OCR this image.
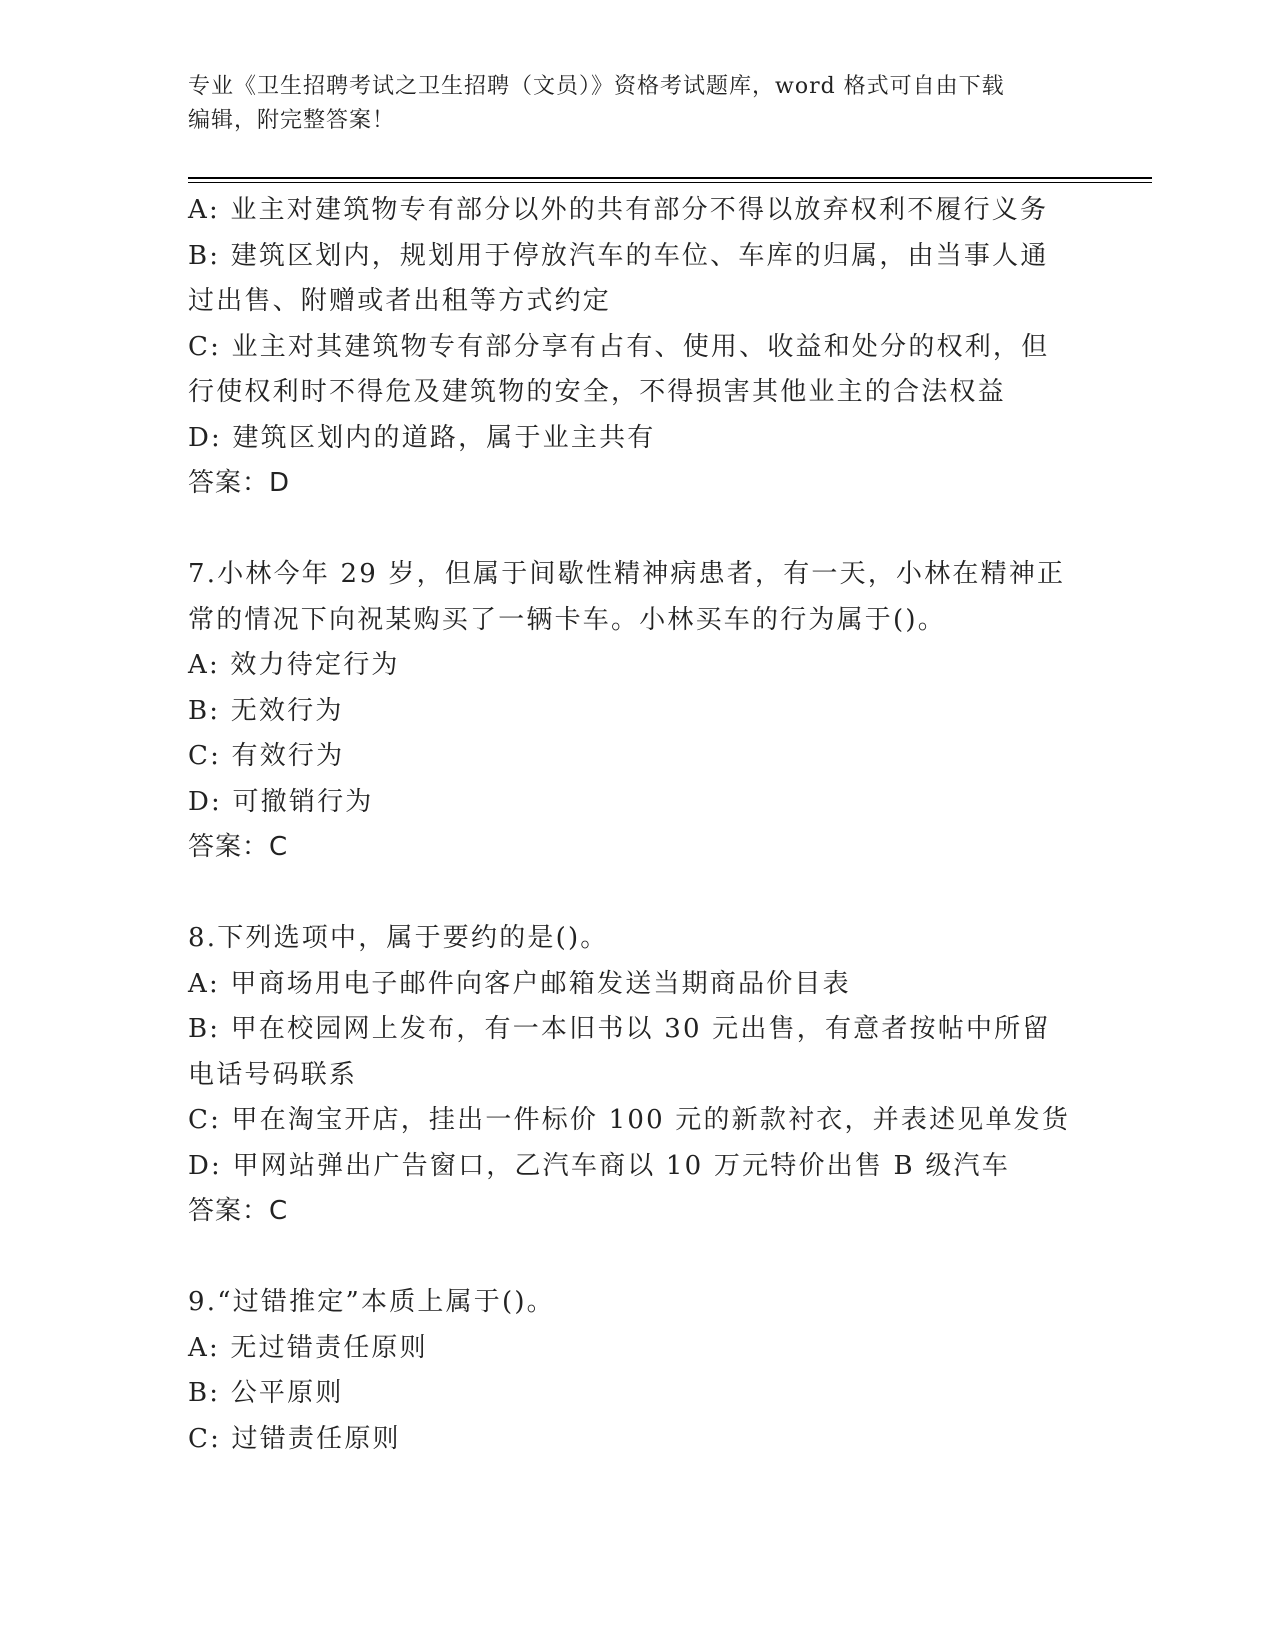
专业《卫生招聘考试之卫生招聘（文员）》资格考试题库，word 格式可自由下载
编辑，附完整答案！
A: 业主对建筑物专有部分以外的共有部分不得以放弃权利不履行义务
B: 建筑区划内，规划用于停放汽车的车位、车库的归属，由当事人通
过出售、附赠或者出租等方式约定
C: 业主对其建筑物专有部分享有占有、使用、收益和处分的权利，但
行使权利时不得危及建筑物的安全，不得损害其他业主的合法权益
D: 建筑区划内的道路，属于业主共有
答案：D
7.小林今年 29 岁，但属于间歇性精神病患者，有一天，小林在精神正
常的情况下向祝某购买了一辆卡车。小林买车的行为属于()。
A: 效力待定行为
B: 无效行为
C: 有效行为
D: 可撤销行为
答案：C
8.下列选项中，属于要约的是()。
A: 甲商场用电子邮件向客户邮箱发送当期商品价目表
B: 甲在校园网上发布，有一本旧书以 30 元出售，有意者按帖中所留
电话号码联系
C: 甲在淘宝开店，挂出一件标价 100 元的新款衬衣，并表述见单发货
D: 甲网站弹出广告窗口，乙汽车商以 10 万元特价出售 B 级汽车
答案：C
9.“过错推定”本质上属于()。
A: 无过错责任原则
B: 公平原则
C: 过错责任原则
